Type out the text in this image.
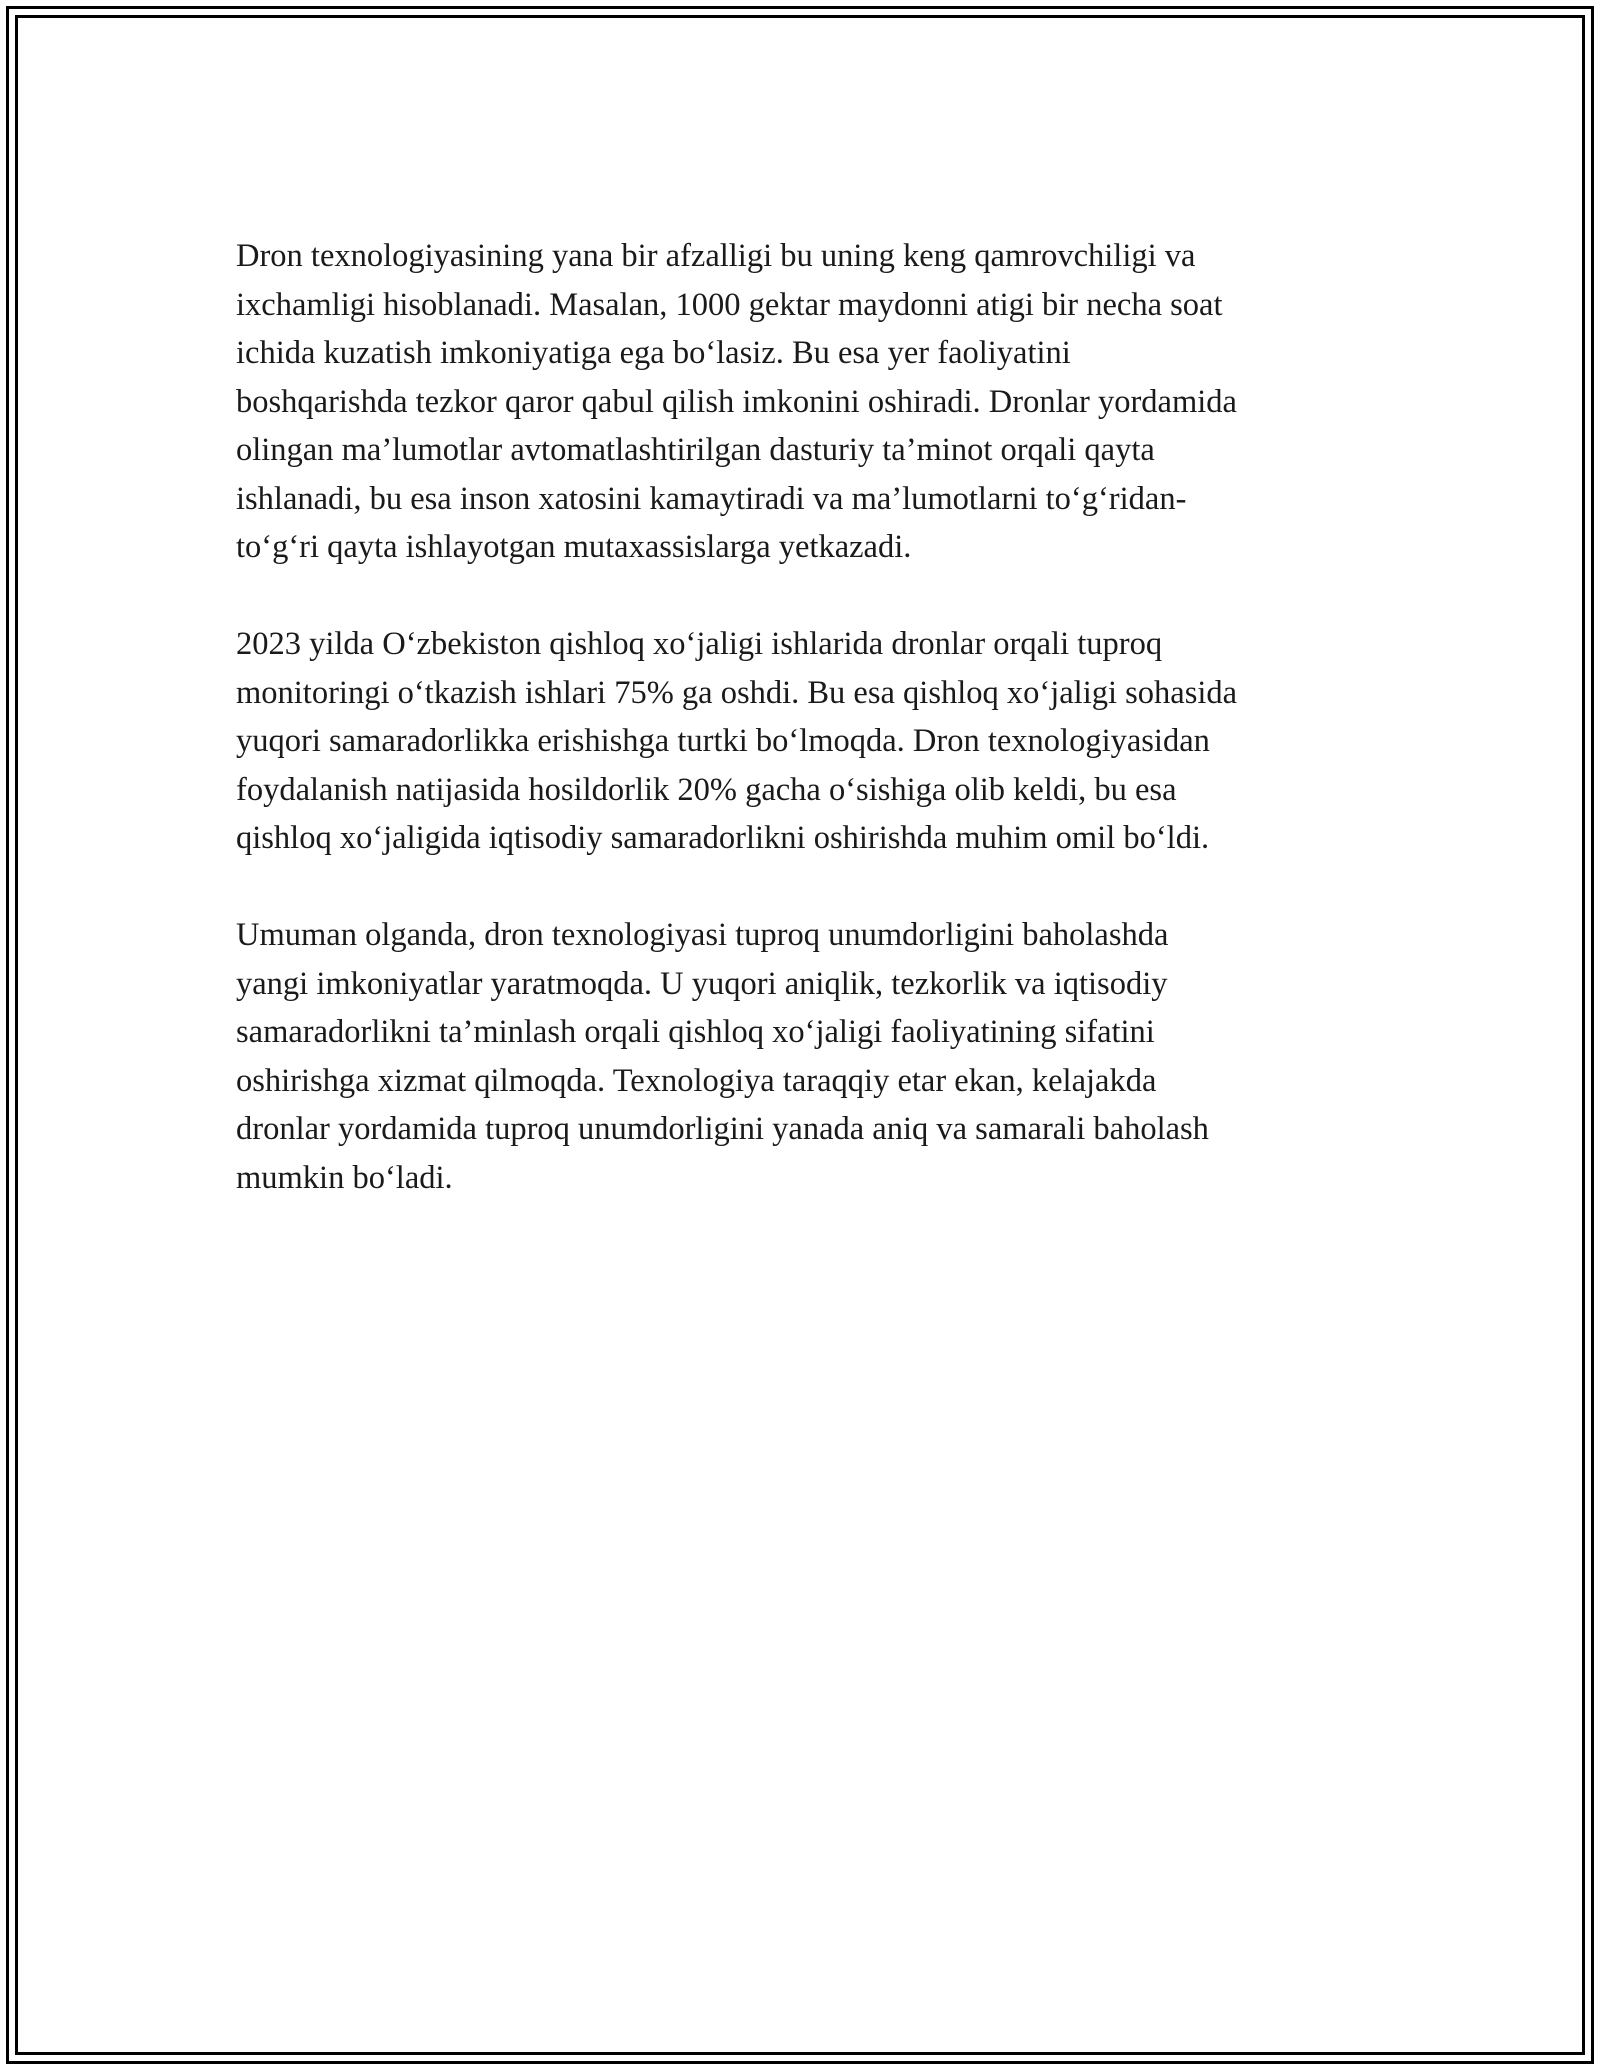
Dron texnologiyasining yana bir afzalligi bu uning keng qamrovchiligi va
ixchamligi hisoblanadi. Masalan, 1000 gektar maydonni atigi bir necha soat
ichida kuzatish imkoniyatiga ega bo‘lasiz. Bu esa yer faoliyatini
boshqarishda tezkor qaror qabul qilish imkonini oshiradi. Dronlar yordamida
olingan ma’lumotlar avtomatlashtirilgan dasturiy ta’minot orqali qayta
ishlanadi, bu esa inson xatosini kamaytiradi va ma’lumotlarni to‘g‘ridan-
to‘g‘ri qayta ishlayotgan mutaxassislarga yetkazadi.

2023 yilda O‘zbekiston qishloq xo‘jaligi ishlarida dronlar orqali tuproq
monitoringi o‘tkazish ishlari 75% ga oshdi. Bu esa qishloq xo‘jaligi sohasida
yuqori samaradorlikka erishishga turtki bo‘lmoqda. Dron texnologiyasidan
foydalanish natijasida hosildorlik 20% gacha o‘sishiga olib keldi, bu esa
qishloq xo‘jaligida iqtisodiy samaradorlikni oshirishda muhim omil bo‘ldi.

Umuman olganda, dron texnologiyasi tuproq unumdorligini baholashda
yangi imkoniyatlar yaratmoqda. U yuqori aniqlik, tezkorlik va iqtisodiy
samaradorlikni ta’minlash orqali qishloq xo‘jaligi faoliyatining sifatini
oshirishga xizmat qilmoqda. Texnologiya taraqqiy etar ekan, kelajakda
dronlar yordamida tuproq unumdorligini yanada aniq va samarali baholash
mumkin bo‘ladi.
